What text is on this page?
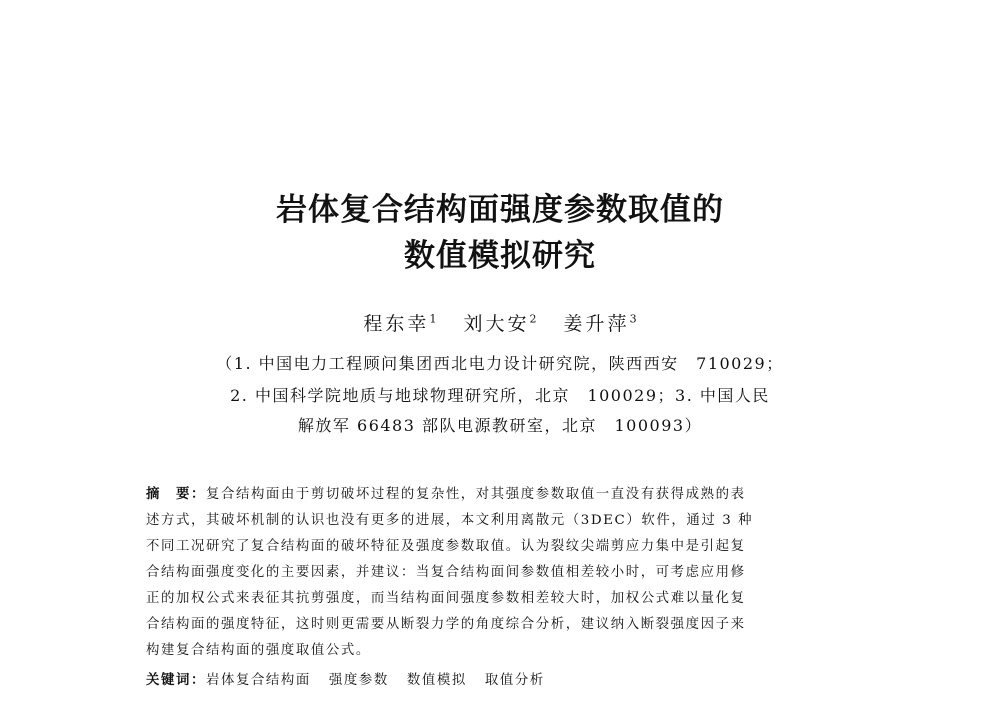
岩体复合结构面强度参数取值的
数值模拟研究
程东幸$^1$ 刘大安$^2$ 姜升萍$^3$
（1. 中国电力工程顾问集团西北电力设计研究院，陕西西安　710029；
2. 中国科学院地质与地球物理研究所，北京　100029；3. 中国人民
解放军 66483 部队电源教研室，北京　100093）
摘　要：复合结构面由于剪切破坏过程的复杂性，对其强度参数取值一直没有获得成熟的表
述方式，其破坏机制的认识也没有更多的进展，本文利用离散元（3DEC）软件，通过 3 种
不同工况研究了复合结构面的破坏特征及强度参数取值。认为裂纹尖端剪应力集中是引起复
合结构面强度变化的主要因素，并建议：当复合结构面间参数值相差较小时，可考虑应用修
正的加权公式来表征其抗剪强度，而当结构面间强度参数相差较大时，加权公式难以量化复
合结构面的强度特征，这时则更需要从断裂力学的角度综合分析，建议纳入断裂强度因子来
构建复合结构面的强度取值公式。
关键词：岩体复合结构面 强度参数 数值模拟 取值分析
